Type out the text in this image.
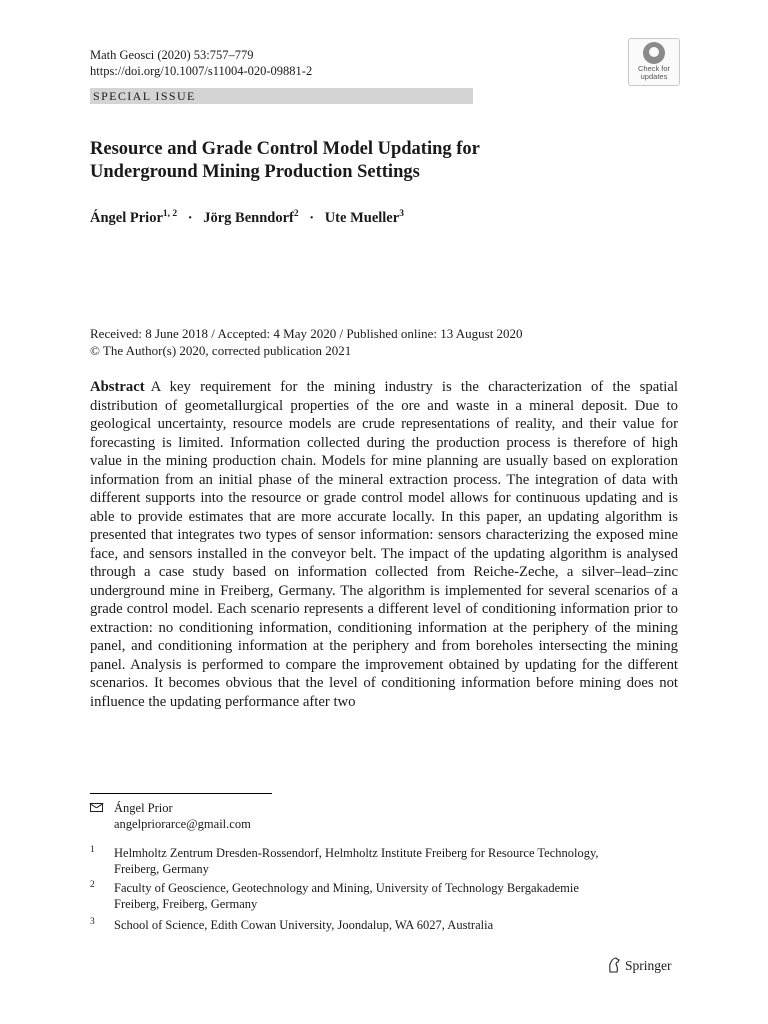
Math Geosci (2020) 53:757–779
https://doi.org/10.1007/s11004-020-09881-2	Check for
updates
SPECIAL ISSUE
Resource and Grade Control Model Updating for
Underground Mining Production Settings
Ángel Prior$^{1, 2}$ · Jörg Benndorf$^2$ · Ute Mueller$^3$
Received: 8 June 2018 / Accepted: 4 May 2020 / Published online: 13 August 2020
© The Author(s) 2020, corrected publication 2021
Abstract A key requirement for the mining industry is the characterization of the spatial distribution of geometallurgical properties of the ore and waste in a mineral deposit. Due to geological uncertainty, resource models are crude representations of reality, and their value for forecasting is limited. Information collected during the production process is therefore of high value in the mining production chain. Models for mine planning are usually based on exploration information from an initial phase of the mineral extraction process. The integration of data with different supports into the resource or grade control model allows for continuous updating and is able to provide estimates that are more accurate locally. In this paper, an updating algorithm is presented that integrates two types of sensor information: sensors characterizing the exposed mine face, and sensors installed in the conveyor belt. The impact of the updating algorithm is analysed through a case study based on information collected from Reiche-Zeche, a silver–lead–zinc underground mine in Freiberg, Germany. The algorithm is implemented for several scenarios of a grade control model. Each scenario represents a different level of conditioning information prior to extraction: no conditioning information, conditioning information at the periphery of the mining panel, and conditioning information at the periphery and from boreholes intersecting the mining panel. Analysis is performed to compare the improvement obtained by updating for the different scenarios. It becomes obvious that the level of conditioning information before mining does not influence the updating performance after two
Ángel Prior
angelpriorarce@gmail.com
1 Helmholtz Zentrum Dresden-Rossendorf, Helmholtz Institute Freiberg for Resource Technology,
Freiberg, Germany
2 Faculty of Geoscience, Geotechnology and Mining, University of Technology Bergakademie
Freiberg, Freiberg, Germany
3 School of Science, Edith Cowan University, Joondalup, WA 6027, Australia
Springer
